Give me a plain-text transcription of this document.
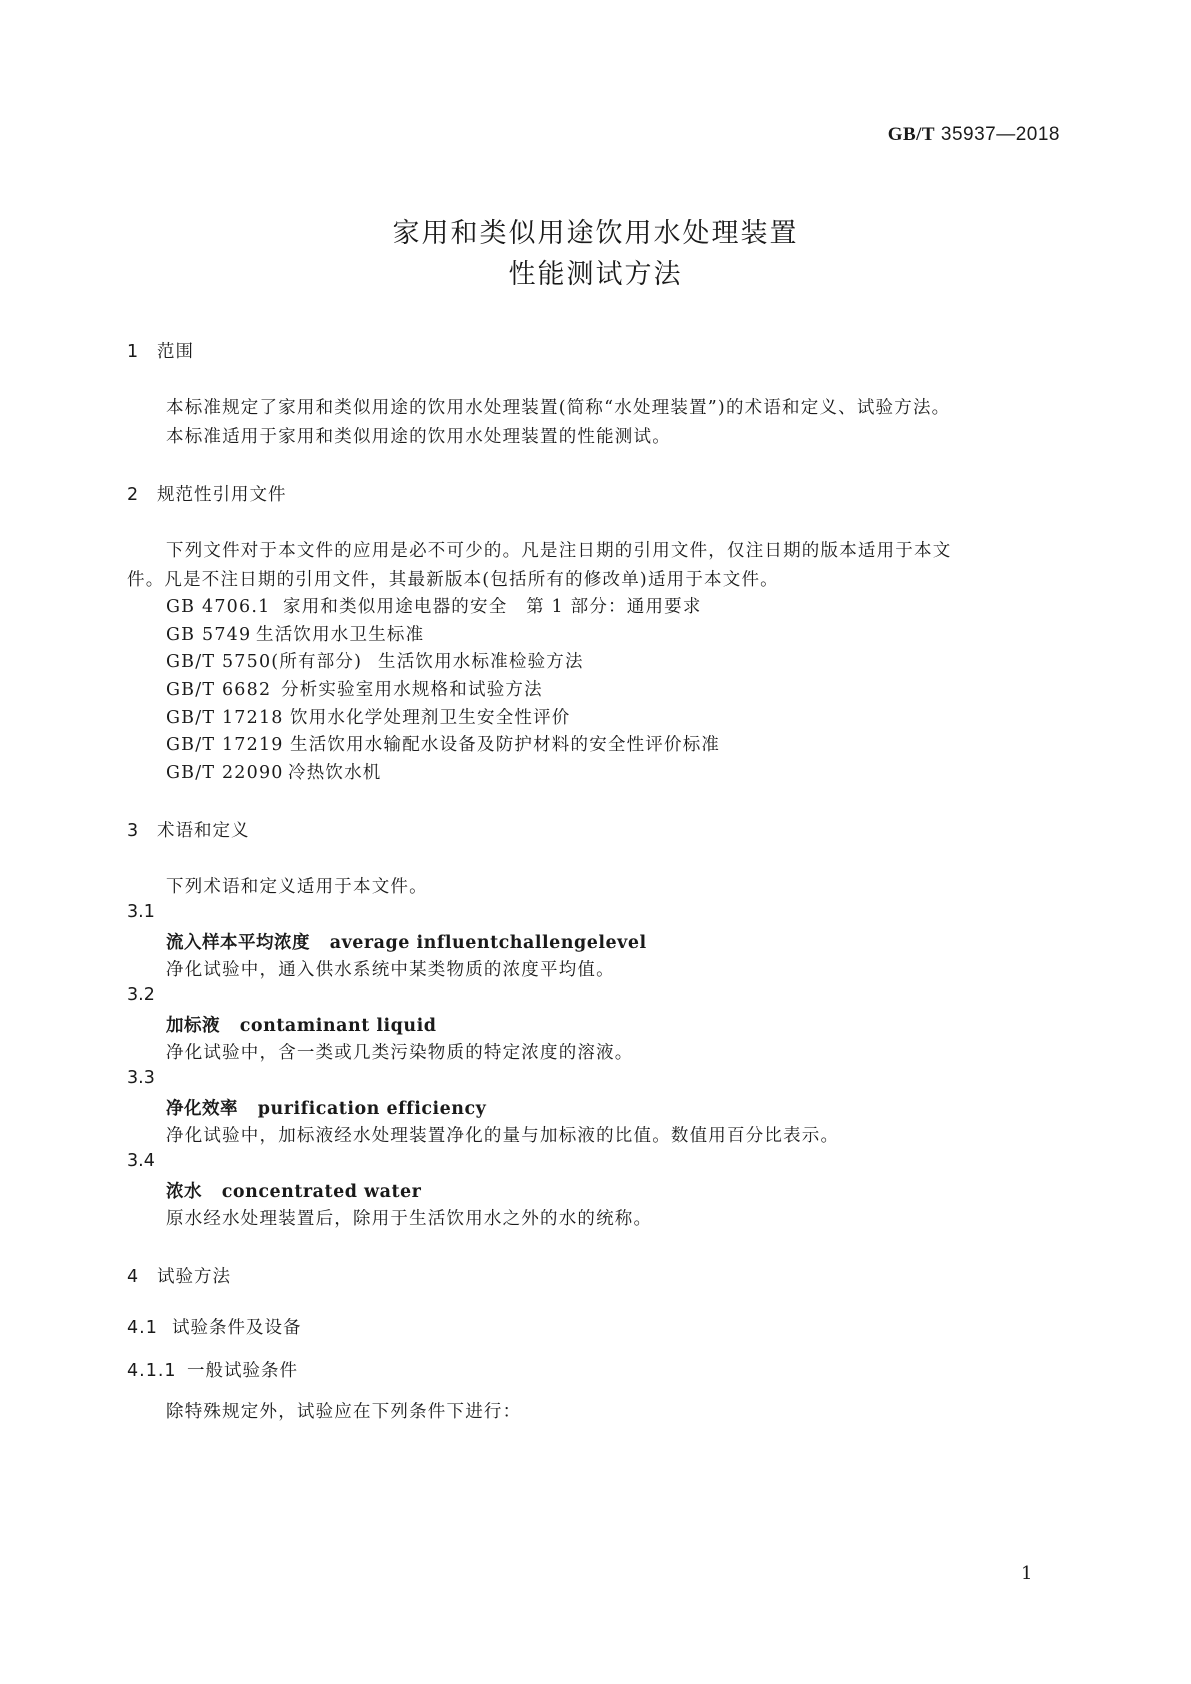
GB/T 35937—2018
家用和类似用途饮用水处理装置
性能测试方法
1 范围
本标准规定了家用和类似用途的饮用水处理装置(简称“水处理装置”)的术语和定义、试验方法。
本标准适用于家用和类似用途的饮用水处理装置的性能测试。
2 规范性引用文件
下列文件对于本文件的应用是必不可少的。凡是注日期的引用文件，仅注日期的版本适用于本文
件。凡是不注日期的引用文件，其最新版本(包括所有的修改单)适用于本文件。
GB 4706.1 家用和类似用途电器的安全　第 1 部分：通用要求
GB 5749 生活饮用水卫生标准
GB/T 5750(所有部分) 生活饮用水标准检验方法
GB/T 6682 分析实验室用水规格和试验方法
GB/T 17218 饮用水化学处理剂卫生安全性评价
GB/T 17219 生活饮用水输配水设备及防护材料的安全性评价标准
GB/T 22090 冷热饮水机
3 术语和定义
下列术语和定义适用于本文件。
3.1
流入样本平均浓度 average influentchallengelevel
净化试验中，通入供水系统中某类物质的浓度平均值。
3.2
加标液 contaminant liquid
净化试验中，含一类或几类污染物质的特定浓度的溶液。
3.3
净化效率 purification efficiency
净化试验中，加标液经水处理装置净化的量与加标液的比值。数值用百分比表示。
3.4
浓水 concentrated water
原水经水处理装置后，除用于生活饮用水之外的水的统称。
4 试验方法
4.1 试验条件及设备
4.1.1 一般试验条件
除特殊规定外，试验应在下列条件下进行：
1
